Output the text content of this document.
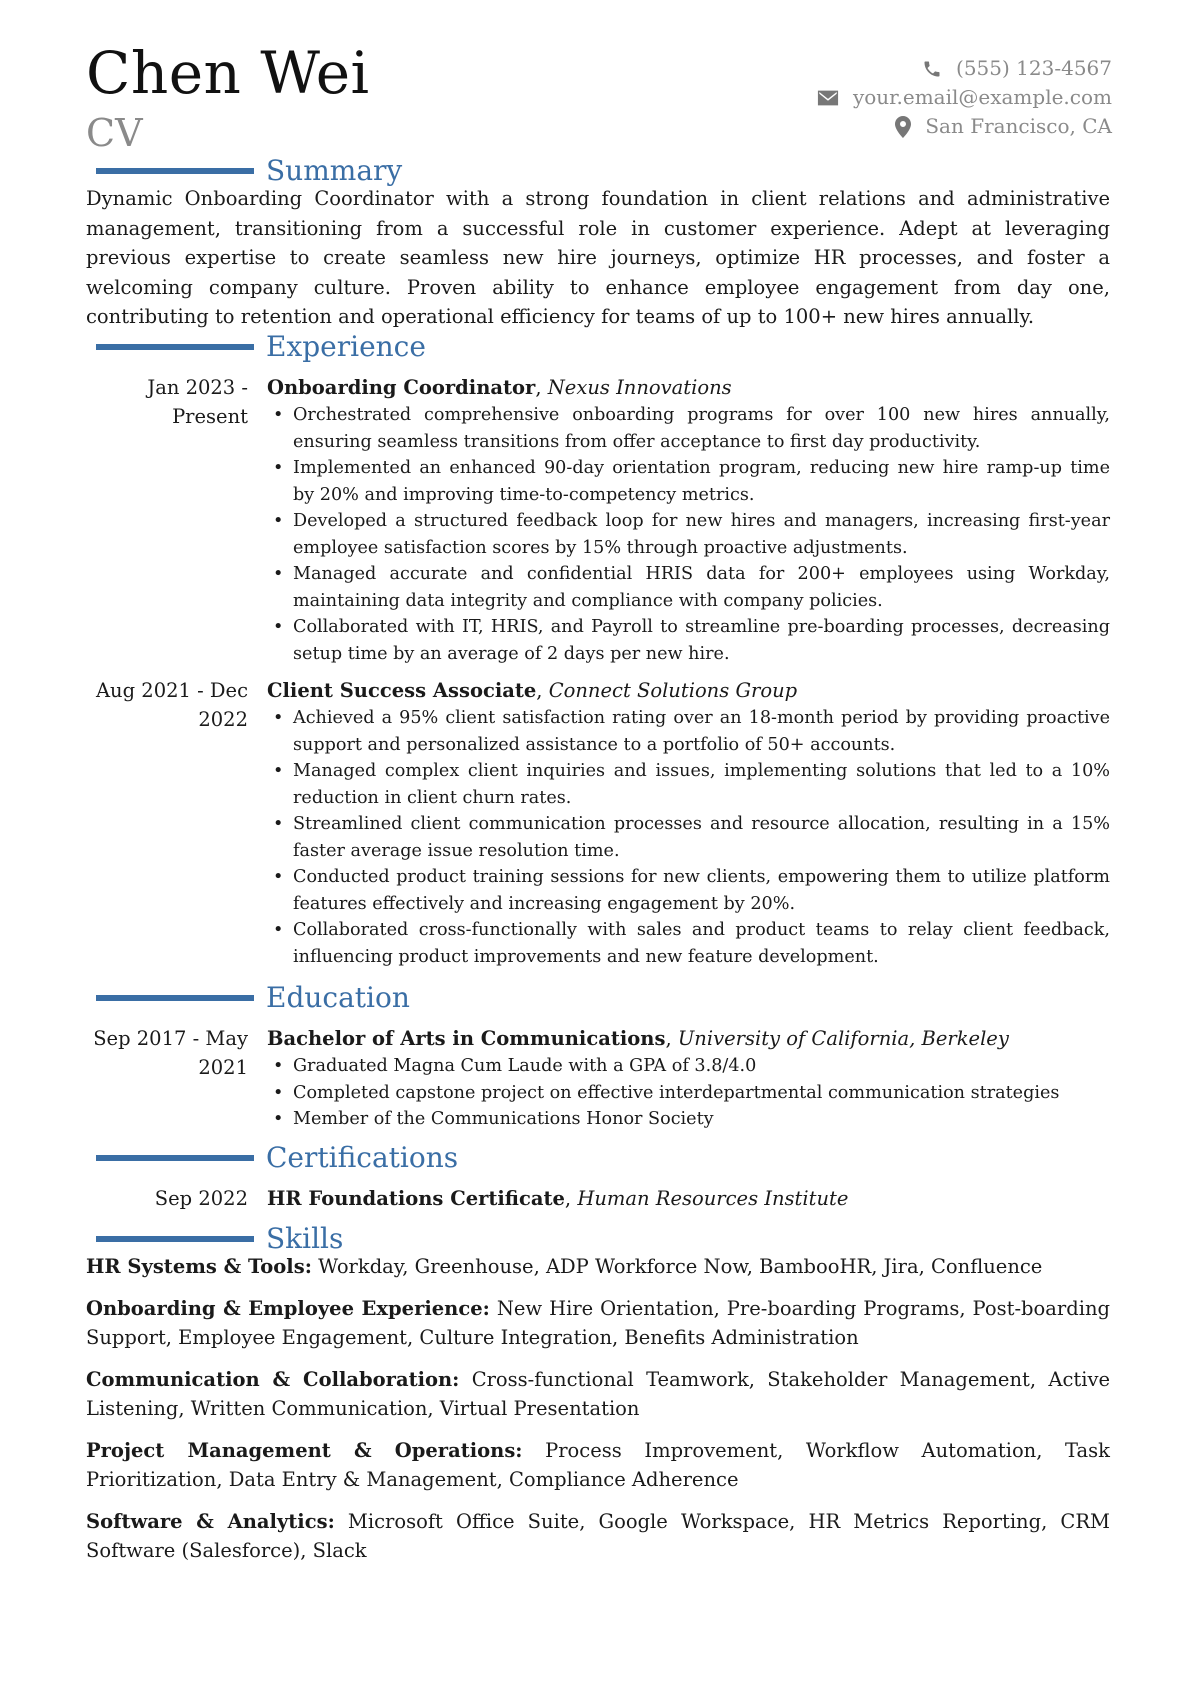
Chen Wei
CV
(555) 123-4567
your.email@example.com
San Francisco, CA
Summary
Dynamic Onboarding Coordinator with a strong foundation in client relations and administrative management, transitioning from a successful role in customer experience. Adept at leveraging previous expertise to create seamless new hire journeys, optimize HR processes, and foster a welcoming company culture. Proven ability to enhance employee engagement from day one, contributing to retention and operational efficiency for teams of up to 100+ new hires annually.
Experience
Jan 2023 - Present
Onboarding Coordinator, Nexus Innovations
• Orchestrated comprehensive onboarding programs for over 100 new hires annually, ensuring seamless transitions from offer acceptance to first day productivity.
• Implemented an enhanced 90-day orientation program, reducing new hire ramp-up time by 20% and improving time-to-competency metrics.
• Developed a structured feedback loop for new hires and managers, increasing first-year employee satisfaction scores by 15% through proactive adjustments.
• Managed accurate and confidential HRIS data for 200+ employees using Workday, maintaining data integrity and compliance with company policies.
• Collaborated with IT, HRIS, and Payroll to streamline pre-boarding processes, decreasing setup time by an average of 2 days per new hire.
Aug 2021 - Dec 2022
Client Success Associate, Connect Solutions Group
• Achieved a 95% client satisfaction rating over an 18-month period by providing proactive support and personalized assistance to a portfolio of 50+ accounts.
• Managed complex client inquiries and issues, implementing solutions that led to a 10% reduction in client churn rates.
• Streamlined client communication processes and resource allocation, resulting in a 15% faster average issue resolution time.
• Conducted product training sessions for new clients, empowering them to utilize platform features effectively and increasing engagement by 20%.
• Collaborated cross-functionally with sales and product teams to relay client feedback, influencing product improvements and new feature development.
Education
Sep 2017 - May 2021
Bachelor of Arts in Communications, University of California, Berkeley
• Graduated Magna Cum Laude with a GPA of 3.8/4.0
• Completed capstone project on effective interdepartmental communication strategies
• Member of the Communications Honor Society
Certifications
Sep 2022 HR Foundations Certificate, Human Resources Institute
Skills
HR Systems & Tools: Workday, Greenhouse, ADP Workforce Now, BambooHR, Jira, Confluence
Onboarding & Employee Experience: New Hire Orientation, Pre-boarding Programs, Post-boarding Support, Employee Engagement, Culture Integration, Benefits Administration
Communication & Collaboration: Cross-functional Teamwork, Stakeholder Management, Active Listening, Written Communication, Virtual Presentation
Project Management & Operations: Process Improvement, Workflow Automation, Task Prioritization, Data Entry & Management, Compliance Adherence
Software & Analytics: Microsoft Office Suite, Google Workspace, HR Metrics Reporting, CRM Software (Salesforce), Slack
